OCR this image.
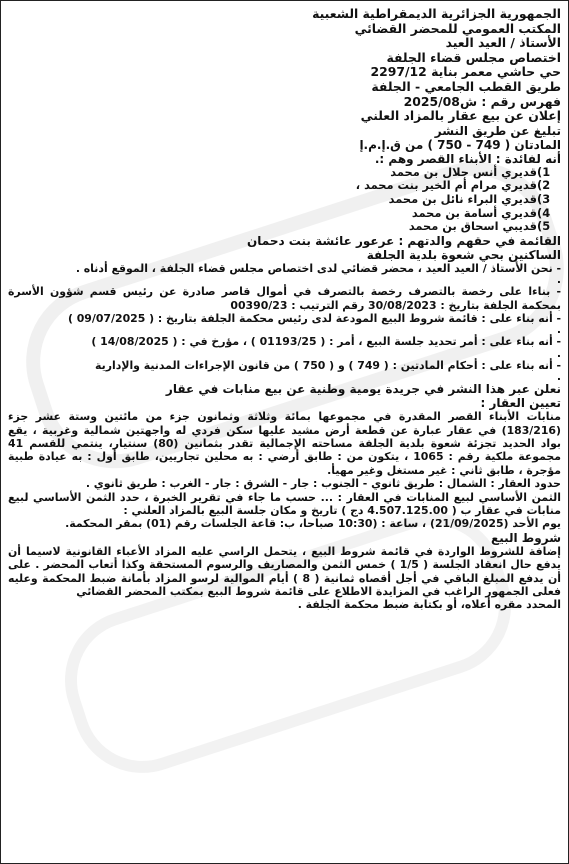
الجمهورية الجزائرية الديمقراطية الشعبية

المكتب العمومي للمحضر القضائي

الأستاذ / العيد العيد

اختصاص مجلس قضاء الجلفة

حي حاشي معمر بناية 2297/12

طريق القطب الجامعي - الجلفة

فهرس رقم : ش2025/08

إعلان عن بيع عقار بالمزاد العلني

تبليغ عن طريق النشر

المادتان ( 749 - 750 ) من ق.إ.م.إ

أنه لفائدة : الأبناء القصر وهم :.

1)
قديري أنس جلال بن محمد
2)
قديري مرام أم الخير بنت محمد ،
3)
قديري البراء نائل بن محمد
4)
قديري أسامة بن محمد
5)
قديبي اسحاق بن محمد

القائمة في حقهم والدتهم : عرعور عائشة بنت دحمان

الساكنين بحي شعوة بلدية الجلفة

- نحن الأستاذ / العيد العيد ، محضر قضائي لدى اختصاص مجلس قضاء الجلفة ، الموقع أدناه .

.

- بناءا على رخصة بالتصرف رخصة بالتصرف في أموال قاصر صادرة عن رئيس قسم شؤون الأسرة بمحكمة الجلفة بتاريخ : 30/08/2023 رقم الترتيب : 00390/23

- أنه بناء على : قائمة شروط البيع المودعة لدى رئيس محكمة الجلفة بتاريخ : ( 09/07/2025 )

.

- أنه بناء على : أمر تحديد جلسة البيع ، أمر : ( 01193/25 ) ، مؤرخ في : ( 14/08/2025 )

.

- أنه بناء على : أحكام المادتين : ( 749 ) و ( 750 ) من قانون الإجراءات المدنية والإدارية

.

نعلن عبر هذا النشر في جريدة يومية وطنية عن بيع منابات في عقار

تعيين العقار :

منابات الأبناء القصر المقدرة في مجموعها بمائة وثلاثة وثمانون جزء من مائتين وستة عشر جزء (183/216) في عقار عبارة عن قطعة أرض مشيد عليها سكن فردي له واجهتين شمالية وغربية ، يقع بواد الحديد تجزئة شعوة بلدية الجلفة مساحته الإجمالية تقدر بثمانين (80) سنتيار، ينتمي للقسم 41 مجموعة ملكية رقم : 1065 ، يتكون من : طابق أرضي : به محلين تجاريين، طابق أول : به عيادة طبية مؤجرة ، طابق ثاني : غير مستغل وغير مهيأ.

حدود العقار : الشمال : طريق ثانوي - الجنوب : جار - الشرق : جار - الغرب : طريق ثانوي .

الثمن الأساسي لبيع المنابات في العقار : ... حسب ما جاء في تقرير الخبرة ، حدد الثمن الأساسي لبيع منابات في عقار ب ( 4.507.125.00 دج ) تاريخ و مكان جلسة البيع بالمزاد العلني :

يوم الأحد (21/09/2025) ، ساعة : (10:30 صباحا، ب: قاعة الجلسات رقم (01) بمقر المحكمة.

شروط البيع

إضافة للشروط الواردة في قائمة شروط البيع ، يتحمل الراسي عليه المزاد الأعباء القانونية لاسيما أن يدفع حال انعقاد الجلسة ( 1/5 ) خمس الثمن والمصاريف والرسوم المستحقة وكذا أتعاب المحضر . على أن يدفع المبلغ الباقي في أجل أقصاه ثمانية ( 8 ) أيام الموالية لرسو المزاد بأمانة ضبط المحكمة وعليه فعلى الجمهور الراغب في المزايدة الاطلاع على قائمة شروط البيع بمكتب المحضر القضائي

المحدد مقره أعلاه، أو بكتابة ضبط محكمة الجلفة .
